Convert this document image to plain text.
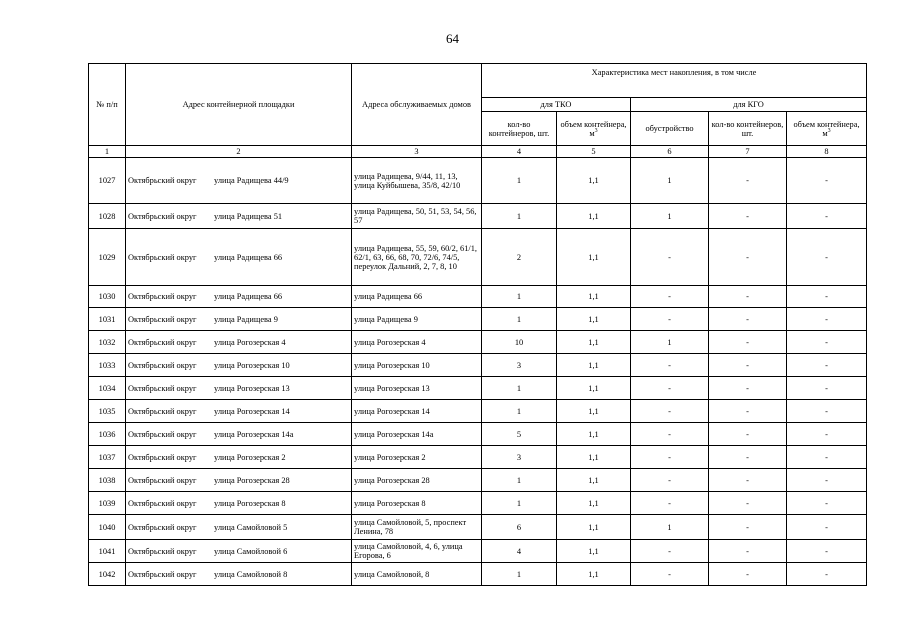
64
№ п/п	Адрес контейнерной площадки	Адреса обслуживаемых домов	Характеристика мест накопления, в том числе				
			для ТКО		для КГО		
			кол-во контейнеров, шт.	объем контейнера, $м^3$	обустройство	кол-во контейнеров, шт.	объем контейнера, $м^3$
1	2	3	4	5	6	7	8
1027	Октябрьский округ улица Радищева 44/9	улица Радищева, 9/44, 11, 13, улица Куйбышева, 35/8, 42/10	1	1,1	1	-	-
1028	Октябрьский округ улица Радищева 51	улица Радищева, 50, 51, 53, 54, 56, 57	1	1,1	1	-	-
1029	Октябрьский округ улица Радищева 66	улица Радищева, 55, 59, 60/2, 61/1, 62/1, 63, 66, 68, 70, 72/6, 74/5, переулок Дальний, 2, 7, 8, 10	2	1,1	-	-	-
1030	Октябрьский округ улица Радищева 66	улица Радищева 66	1	1,1	-	-	-
1031	Октябрьский округ улица Радищева 9	улица Радищева 9	1	1,1	-	-	-
1032	Октябрьский округ улица Рогозерская 4	улица Рогозерская 4	10	1,1	1	-	-
1033	Октябрьский округ улица Рогозерская 10	улица Рогозерская 10	3	1,1	-	-	-
1034	Октябрьский округ улица Рогозерская 13	улица Рогозерская 13	1	1,1	-	-	-
1035	Октябрьский округ улица Рогозерская 14	улица Рогозерская 14	1	1,1	-	-	-
1036	Октябрьский округ улица Рогозерская 14а	улица Рогозерская 14а	5	1,1	-	-	-
1037	Октябрьский округ улица Рогозерская 2	улица Рогозерская 2	3	1,1	-	-	-
1038	Октябрьский округ улица Рогозерская 28	улица Рогозерская 28	1	1,1	-	-	-
1039	Октябрьский округ улица Рогозерская 8	улица Рогозерская 8	1	1,1	-	-	-
1040	Октябрьский округ улица Самойловой 5	улица Самойловой, 5, проспект Ленина, 78	6	1,1	1	-	-
1041	Октябрьский округ улица Самойловой 6	улица Самойловой, 4, 6, улица Егорова, 6	4	1,1	-	-	-
1042	Октябрьский округ улица Самойловой 8	улица Самойловой, 8	1	1,1	-	-	-
